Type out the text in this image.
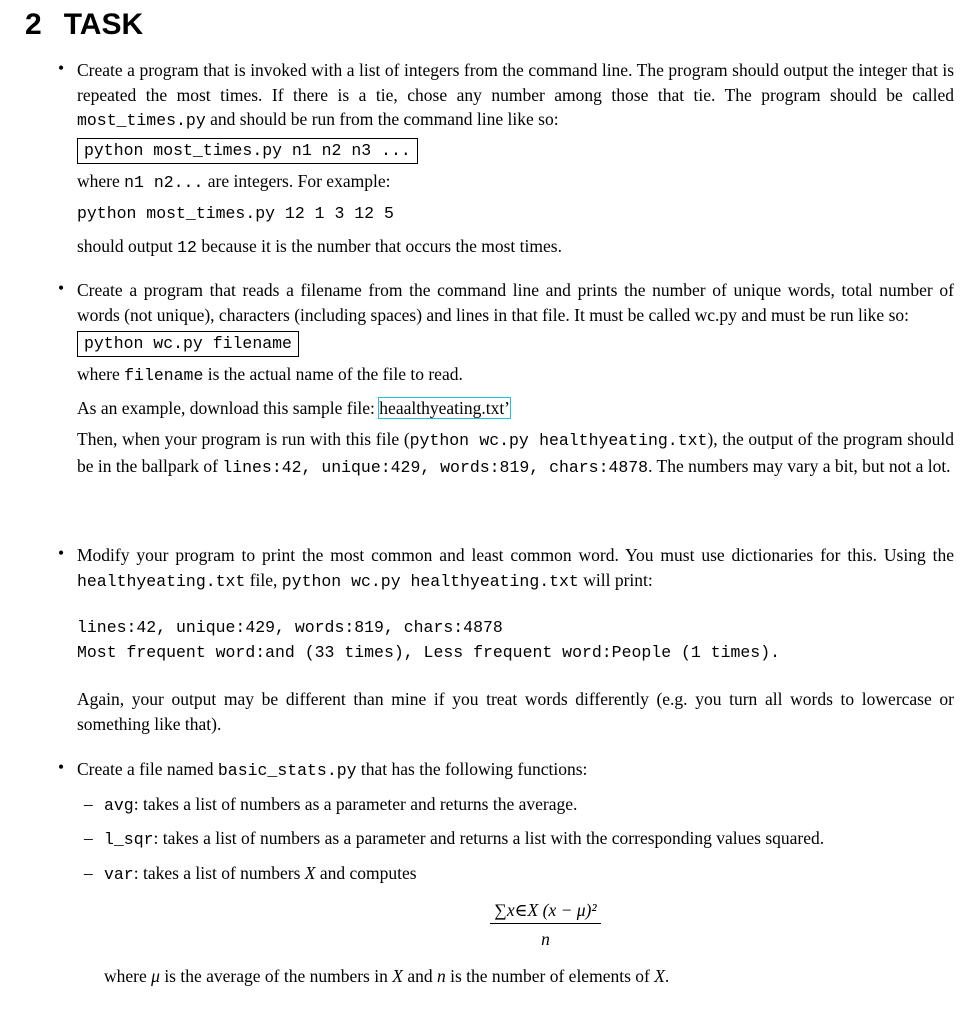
2 TASK
• Create a program that is invoked with a list of integers from the command line. The program should output the integer that is repeated the most times. If there is a tie, chose any number among those that tie. The program should be called most_times.py and should be run from the command line like so:

python most_times.py n1 n2 n3 ...

where n1 n2... are integers. For example:

python most_times.py 12 1 3 12 5

should output 12 because it is the number that occurs the most times.

• Create a program that reads a filename from the command line and prints the number of unique words, total number of words (not unique), characters (including spaces) and lines in that file. It must be called wc.py and must be run like so:

python wc.py filename

where filename is the actual name of the file to read.

As an example, download this sample file: heaalthyeating.txt’

Then, when your program is run with this file (python wc.py healthyeating.txt), the output of the program should be in the ballpark of lines:42, unique:429, words:819, chars:4878. The numbers may vary a bit, but not a lot.

• Modify your program to print the most common and least common word. You must use dictionaries for this. Using the healthyeating.txt file, python wc.py healthyeating.txt will print:

lines:42, unique:429, words:819, chars:4878
Most frequent word:and (33 times), Less frequent word:People (1 times).

Again, your output may be different than mine if you treat words differently (e.g. you turn all words to lowercase or something like that).

• Create a file named basic_stats.py that has the following functions:

– avg: takes a list of numbers as a parameter and returns the average.
– l_sqr: takes a list of numbers as a parameter and returns a list with the corresponding values squared.
– var: takes a list of numbers X and computes
∑x∈X (x − μ)²
n

where μ is the average of the numbers in X and n is the number of elements of X.
